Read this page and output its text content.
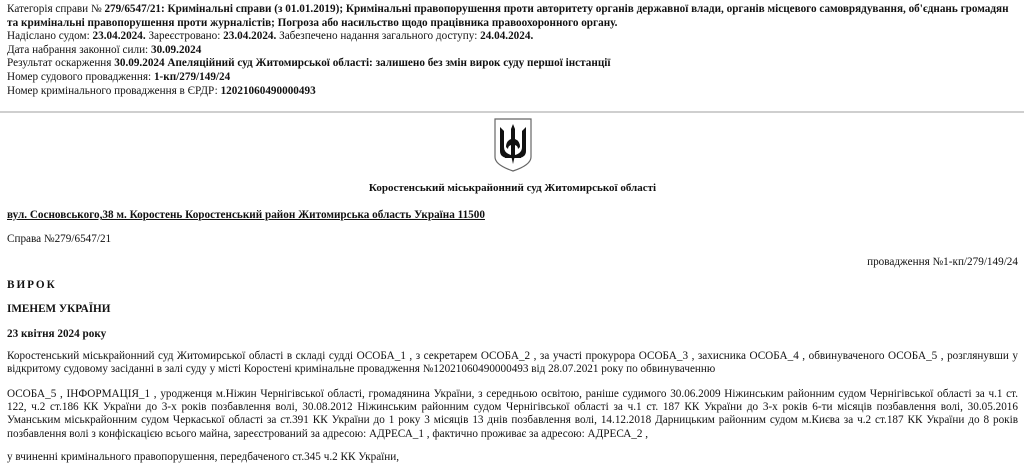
Категорія справи № 279/6547/21: Кримінальні справи (з 01.01.2019); Кримінальні правопорушення проти авторитету органів державної влади, органів місцевого самоврядування, об'єднань громадян та кримінальні правопорушення проти журналістів; Погроза або насильство щодо працівника правоохоронного органу.
Надіслано судом: 23.04.2024. Зареєстровано: 23.04.2024. Забезпечено надання загального доступу: 24.04.2024.
Дата набрання законної сили: 30.09.2024
Результат оскарження 30.09.2024 Апеляційний суд Житомирської області: залишено без змін вирок суду першої інстанції
Номер судового провадження: 1-кп/279/149/24
Номер кримінального провадження в ЄРДР: 12021060490000493
Коростенський міськрайонний суд Житомирської області
вул. Сосновського,38 м. Коростень Коростенський район Житомирська область Україна 11500
Справа №279/6547/21
провадження №1-кп/279/149/24
ВИРОК
ІМЕНЕМ УКРАЇНИ
23 квітня 2024 року
Коростенський міськрайонний суд Житомирської області в складі судді ОСОБА_1 , з секретарем ОСОБА_2 , за участі прокурора ОСОБА_3 , захисника ОСОБА_4 , обвинуваченого ОСОБА_5 , розглянувши у відкритому судовому засіданні в залі суду у місті Коростені кримінальне провадження №12021060490000493 від 28.07.2021 року по обвинуваченню
ОСОБА_5 , ІНФОРМАЦІЯ_1 , уродженця м.Ніжин Чернігівської області, громадянина України, з середньою освітою, раніше судимого 30.06.2009 Ніжинським районним судом Чернігівської області за ч.1 ст. 122, ч.2 ст.186 КК України до 3-х років позбавлення волі, 30.08.2012 Ніжинським районним судом Чернігівської області за ч.1 ст. 187 КК України до 3-х років 6-ти місяців позбавлення волі, 30.05.2016 Уманським міськрайонним судом Черкаської області за ст.391 КК України до 1 року 3 місяців 13 днів позбавлення волі, 14.12.2018 Дарницьким районним судом м.Києва за ч.2 ст.187 КК України до 8 років позбавлення волі з конфіскацією всього майна, зареєстрований за адресою: АДРЕСА_1 , фактично проживає за адресою: АДРЕСА_2 ,
у вчиненні кримінального правопорушення, передбаченого ст.345 ч.2 КК України,
